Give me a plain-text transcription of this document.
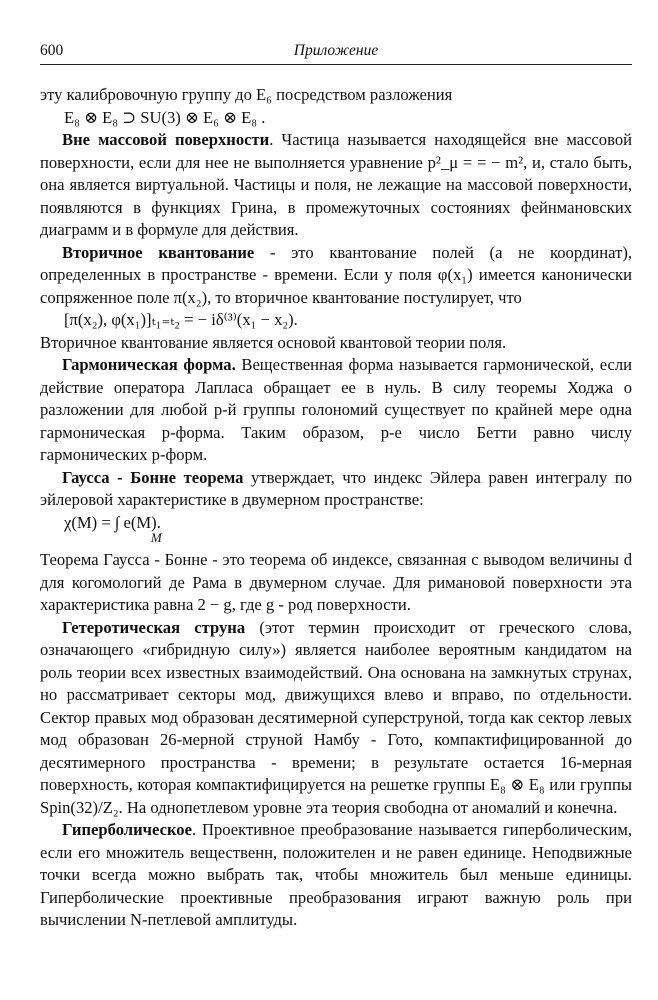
600	Приложение

эту калибровочную группу до E₆ посредством разложения

E₈ ⊗ E₈ ⊃ SU(3) ⊗ E₆ ⊗ E₈ .

Вне массовой поверхности. Частица называется находящейся вне массовой поверхности, если для нее не выполняется уравнение p²_μ = = − m², и, стало быть, она является виртуальной. Частицы и поля, не лежащие на массовой поверхности, появляются в функциях Грина, в промежуточных состояниях фейнмановских диаграмм и в формуле для действия.

Вторичное квантование - это квантование полей (а не координат), определенных в пространстве - времени. Если у поля φ(x₁) имеется канонически сопряженное поле π(x₂), то вторичное квантование постулирует, что

[π(x₂), φ(x₁)]ₜ₁₌ₜ₂ = − iδ⁽³⁾(x₁ − x₂).

Вторичное квантование является основой квантовой теории поля.

Гармоническая форма. Вещественная форма называется гармонической, если действие оператора Лапласа обращает ее в нуль. В силу теоремы Ходжа о разложении для любой p-й группы голономий существует по крайней мере одна гармоническая p-форма. Таким образом, p-е число Бетти равно числу гармонических p-форм.

Гаусса - Бонне теорема утверждает, что индекс Эйлера равен интегралу по эйлеровой характеристике в двумерном пространстве:

χ(M) = ∫ e(M).M

Теорема Гаусса - Бонне - это теорема об индексе, связанная с выводом величины d для когомологий де Рама в двумерном случае. Для римановой поверхности эта характеристика равна 2 − g, где g - род поверхности.

Гетеротическая струна (этот термин происходит от греческого слова, означающего «гибридную силу») является наиболее вероятным кандидатом на роль теории всех известных взаимодействий. Она основана на замкнутых струнах, но рассматривает секторы мод, движущихся влево и вправо, по отдельности. Сектор правых мод образован десятимерной суперструной, тогда как сектор левых мод образован 26-мерной струной Намбу - Гото, компактифицированной до десятимерного пространства - времени; в результате остается 16-мерная поверхность, которая компактифицируется на решетке группы E₈ ⊗ E₈ или группы Spin(32)/Z₂. На однопетлевом уровне эта теория свободна от аномалий и конечна.

Гиперболическое. Проективное преобразование называется гиперболическим, если его множитель вещественн, положителен и не равен единице. Неподвижные точки всегда можно выбрать так, чтобы множитель был меньше единицы. Гиперболические проективные преобразования играют важную роль при вычислении N-петлевой амплитуды.
